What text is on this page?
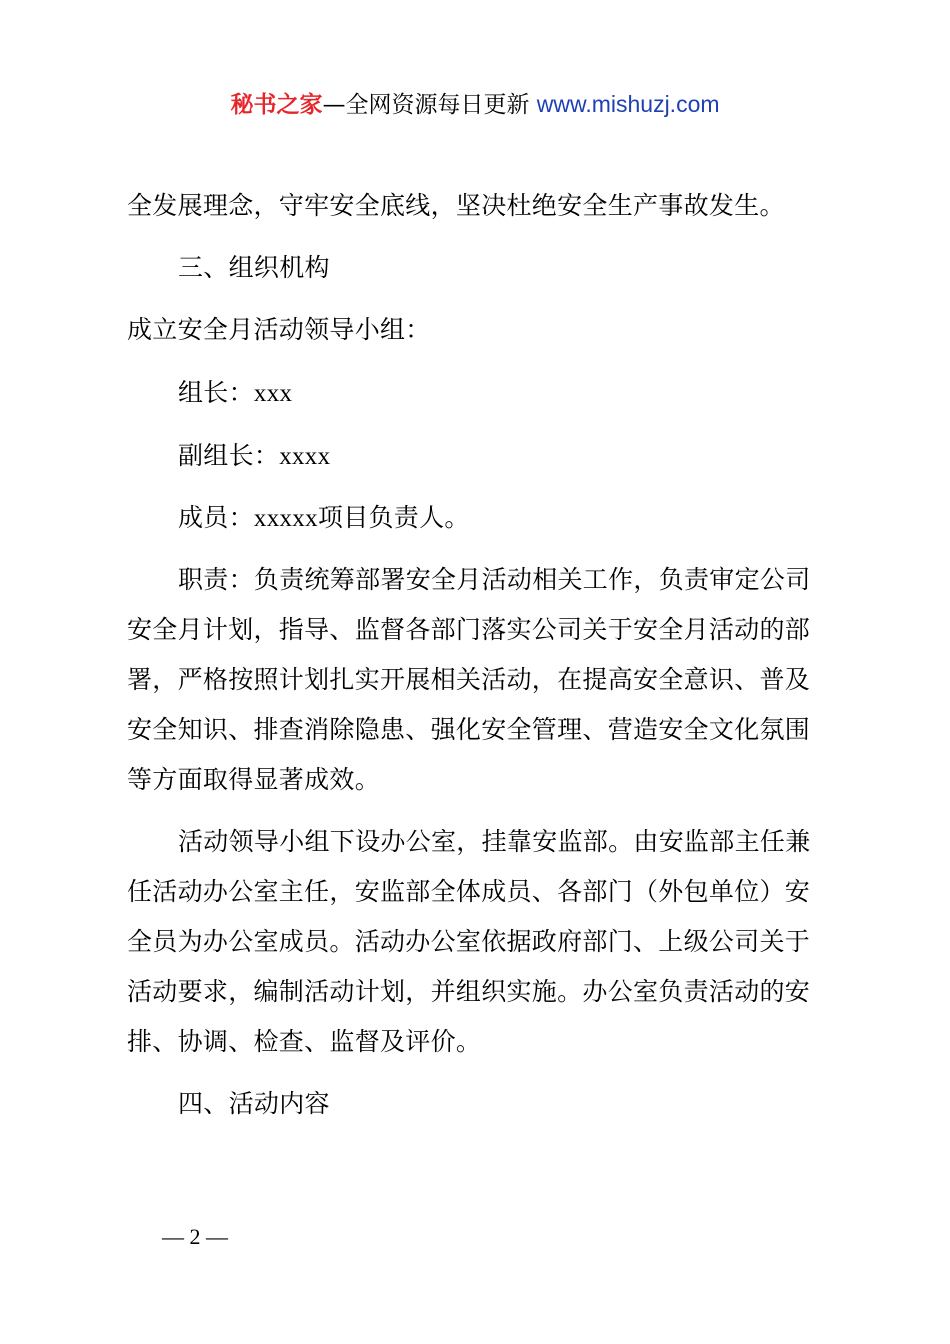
秘书之家—全网资源每日更新 www.mishuzj.com
全发展理念，守牢安全底线，坚决杜绝安全生产事故发生。
三、组织机构
成立安全月活动领导小组：
组长：xxx
副组长：xxxx
成员：xxxxx项目负责人。
职责：负责统筹部署安全月活动相关工作，负责审定公司
安全月计划，指导、监督各部门落实公司关于安全月活动的部
署，严格按照计划扎实开展相关活动，在提高安全意识、普及
安全知识、排查消除隐患、强化安全管理、营造安全文化氛围
等方面取得显著成效。
活动领导小组下设办公室，挂靠安监部。由安监部主任兼
任活动办公室主任，安监部全体成员、各部门（外包单位）安
全员为办公室成员。活动办公室依据政府部门、上级公司关于
活动要求，编制活动计划，并组织实施。办公室负责活动的安
排、协调、检查、监督及评价。
四、活动内容
— 2 —
